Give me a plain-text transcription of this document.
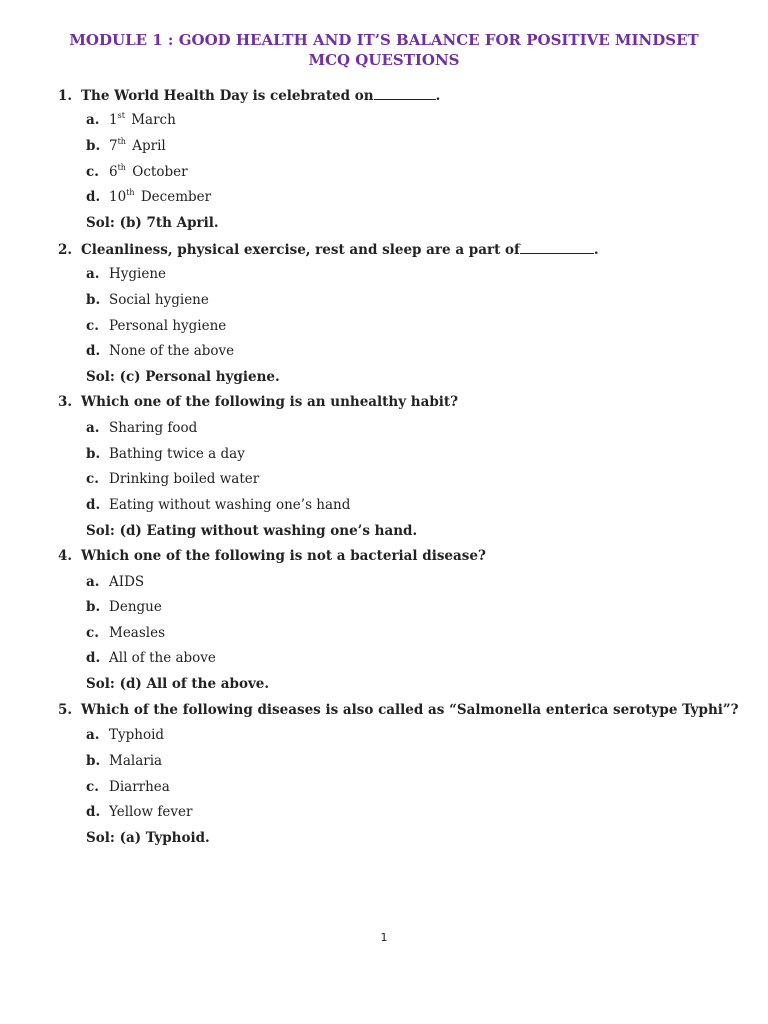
MODULE 1 : GOOD HEALTH AND IT’S BALANCE FOR POSITIVE MINDSET
MCQ QUESTIONS
1. The World Health Day is celebrated on	.
a. 1st March
b. 7th April
c. 6th October
d. 10th December
Sol: (b) 7th April.
2. Cleanliness, physical exercise, rest and sleep are a part of	.
a. Hygiene
b. Social hygiene
c. Personal hygiene
d. None of the above
Sol: (c) Personal hygiene.
3. Which one of the following is an unhealthy habit?
a. Sharing food
b. Bathing twice a day
c. Drinking boiled water
d. Eating without washing one’s hand
Sol: (d) Eating without washing one’s hand.
4. Which one of the following is not a bacterial disease?
a. AIDS
b. Dengue
c. Measles
d. All of the above
Sol: (d) All of the above.
5. Which of the following diseases is also called as “Salmonella enterica serotype Typhi”?
a. Typhoid
b. Malaria
c. Diarrhea
d. Yellow fever
Sol: (a) Typhoid.
1
